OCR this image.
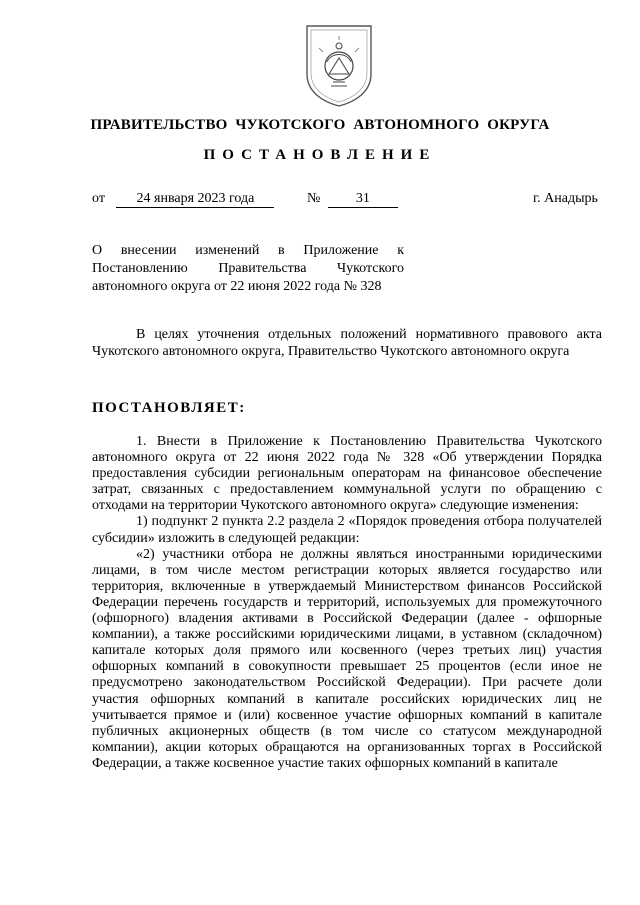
ПРАВИТЕЛЬСТВО  ЧУКОТСКОГО  АВТОНОМНОГО  ОКРУГА
ПОСТАНОВЛЕНИЕ
от 24 января 2023 года	№	31	г. Анадырь
О внесении изменений в Приложение к Постановлению Правительства Чукотского автономного округа от 22 июня 2022 года № 328
В целях уточнения отдельных положений нормативного правового акта Чукотского автономного округа, Правительство Чукотского автономного округа
ПОСТАНОВЛЯЕТ:

1. Внести в Приложение к Постановлению Правительства Чукотского автономного округа от 22 июня 2022 года № 328 «Об утверждении Порядка предоставления субсидии региональным операторам на финансовое обеспечение затрат, связанных с предоставлением коммунальной услуги по обращению с отходами на территории Чукотского автономного округа» следующие изменения:

1) подпункт 2 пункта 2.2 раздела 2 «Порядок проведения отбора получателей субсидии» изложить в следующей редакции:

«2) участники отбора не должны являться иностранными юридическими лицами, в том числе местом регистрации которых является государство или территория, включенные в утверждаемый Министерством финансов Российской Федерации перечень государств и территорий, используемых для промежуточного (офшорного) владения активами в Российской Федерации (далее - офшорные компании), а также российскими юридическими лицами, в уставном (складочном) капитале которых доля прямого или косвенного (через третьих лиц) участия офшорных компаний в совокупности превышает 25 процентов (если иное не предусмотрено законодательством Российской Федерации). При расчете доли участия офшорных компаний в капитале российских юридических лиц не учитывается прямое и (или) косвенное участие офшорных компаний в капитале публичных акционерных обществ (в том числе со статусом международной компании), акции которых обращаются на организованных торгах в Российской Федерации, а также косвенное участие таких офшорных компаний в капитале
